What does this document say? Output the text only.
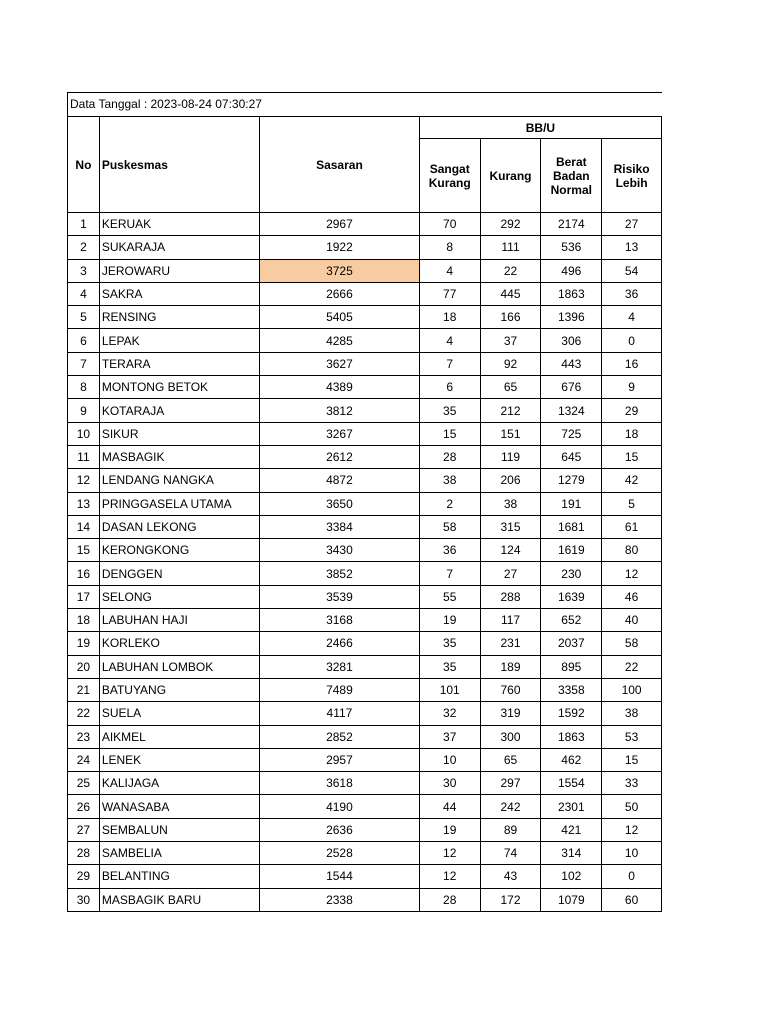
Data Tanggal : 2023-08-24 07:30:27
No	Puskesmas	Sasaran	BB/U			
			Sangat Kurang	Kurang	Berat Badan Normal	Risiko Lebih
1	KERUAK	2967	70	292	2174	27
2	SUKARAJA	1922	8	111	536	13
3	JEROWARU	3725	4	22	496	54
4	SAKRA	2666	77	445	1863	36
5	RENSING	5405	18	166	1396	4
6	LEPAK	4285	4	37	306	0
7	TERARA	3627	7	92	443	16
8	MONTONG BETOK	4389	6	65	676	9
9	KOTARAJA	3812	35	212	1324	29
10	SIKUR	3267	15	151	725	18
11	MASBAGIK	2612	28	119	645	15
12	LENDANG NANGKA	4872	38	206	1279	42
13	PRINGGASELA UTAMA	3650	2	38	191	5
14	DASAN LEKONG	3384	58	315	1681	61
15	KERONGKONG	3430	36	124	1619	80
16	DENGGEN	3852	7	27	230	12
17	SELONG	3539	55	288	1639	46
18	LABUHAN HAJI	3168	19	117	652	40
19	KORLEKO	2466	35	231	2037	58
20	LABUHAN LOMBOK	3281	35	189	895	22
21	BATUYANG	7489	101	760	3358	100
22	SUELA	4117	32	319	1592	38
23	AIKMEL	2852	37	300	1863	53
24	LENEK	2957	10	65	462	15
25	KALIJAGA	3618	30	297	1554	33
26	WANASABA	4190	44	242	2301	50
27	SEMBALUN	2636	19	89	421	12
28	SAMBELIA	2528	12	74	314	10
29	BELANTING	1544	12	43	102	0
30	MASBAGIK BARU	2338	28	172	1079	60
